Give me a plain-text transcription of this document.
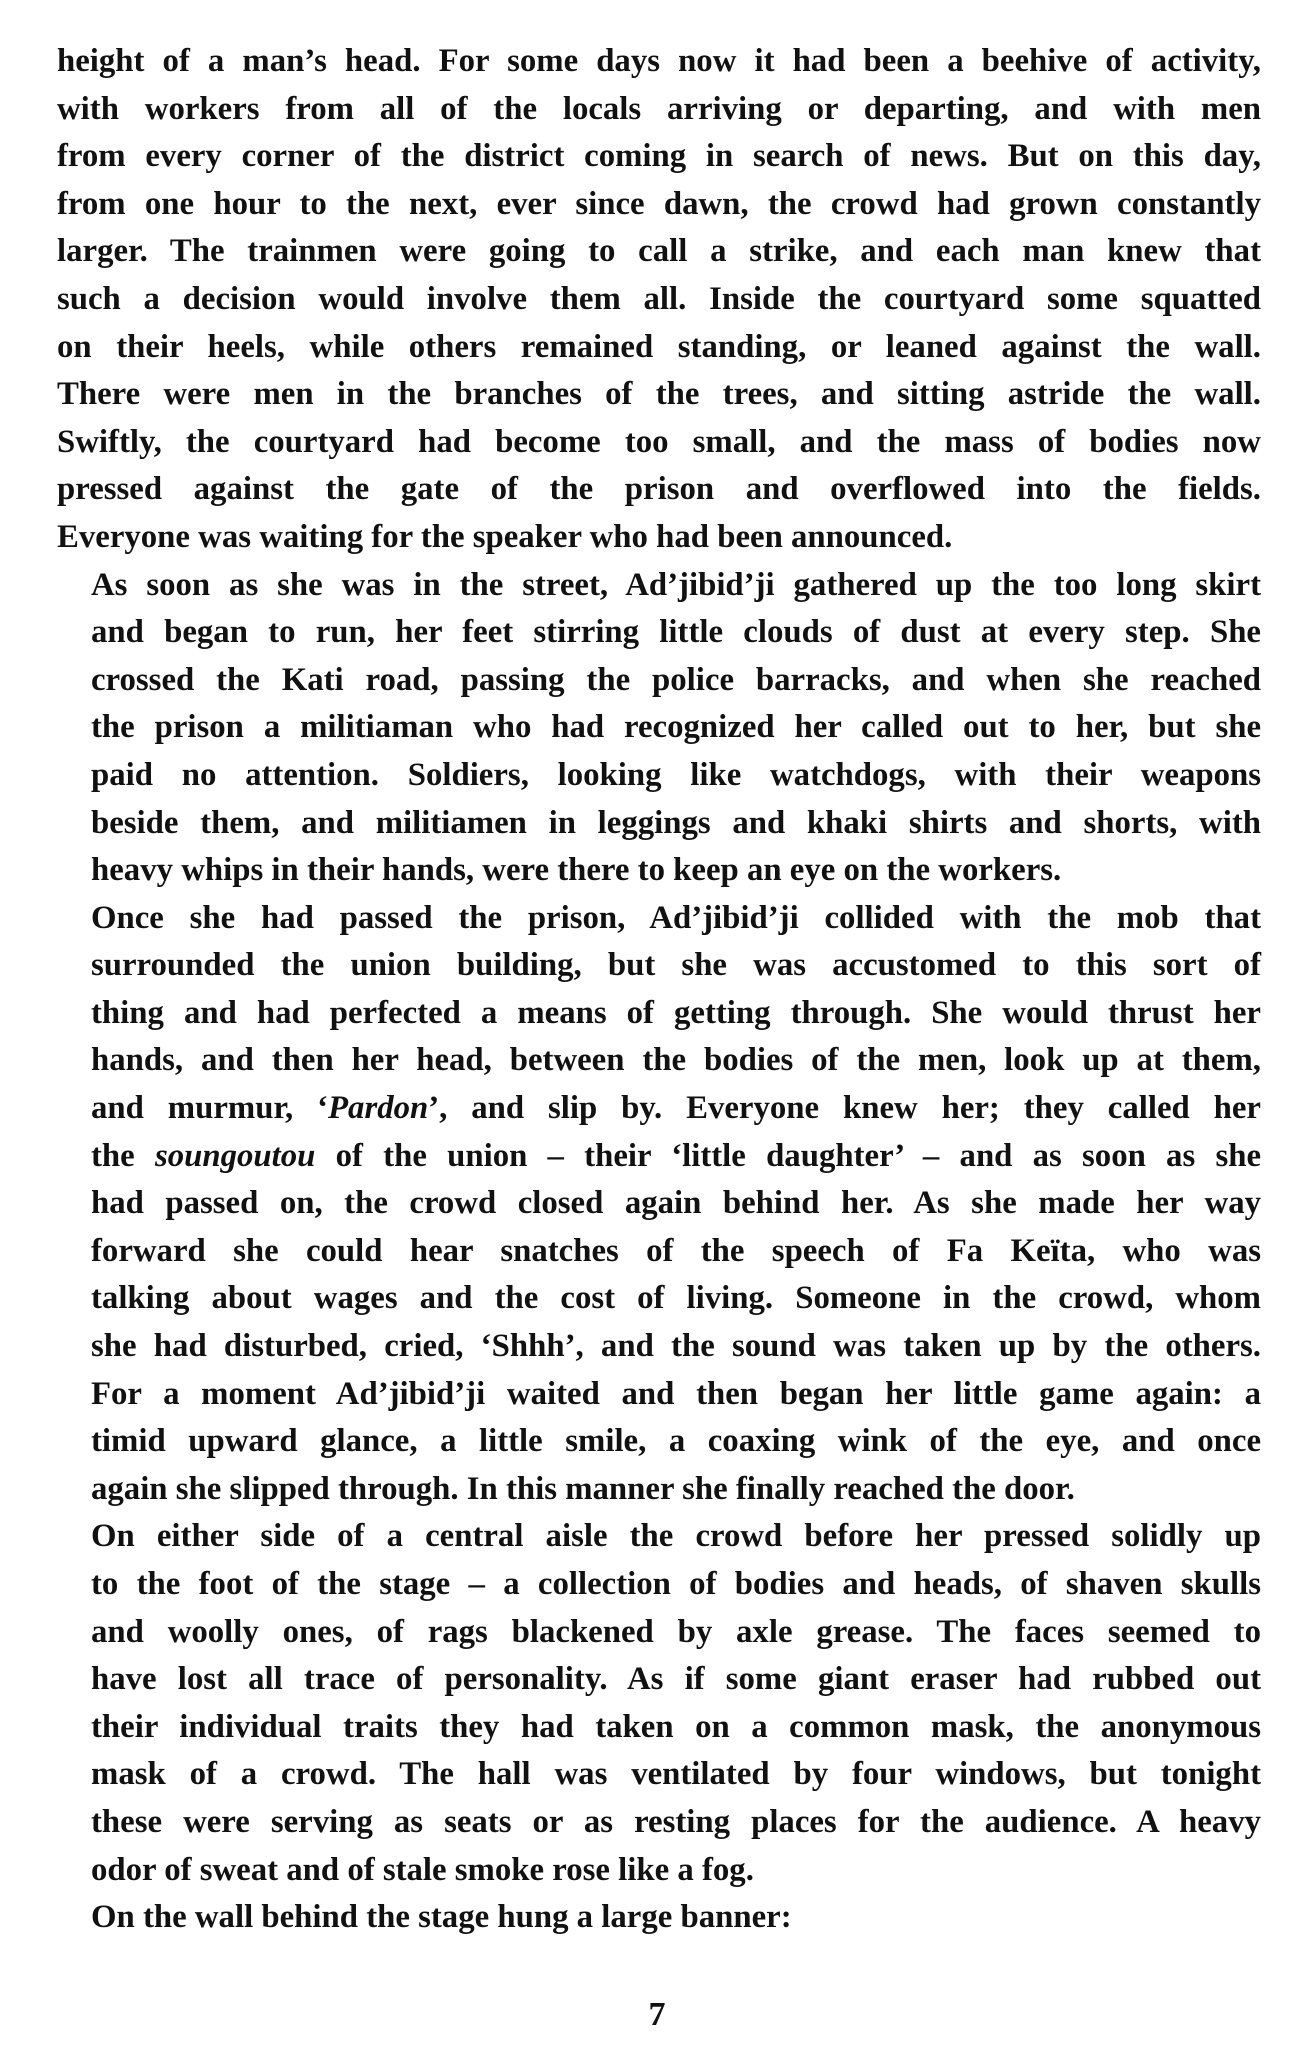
height of a man’s head. For some days now it had been a beehive of activity,
with workers from all of the locals arriving or departing, and with men
from every corner of the district coming in search of news. But on this day,
from one hour to the next, ever since dawn, the crowd had grown constantly
larger. The trainmen were going to call a strike, and each man knew that
such a decision would involve them all. Inside the courtyard some squatted
on their heels, while others remained standing, or leaned against the wall.
There were men in the branches of the trees, and sitting astride the wall.
Swiftly, the courtyard had become too small, and the mass of bodies now
pressed against the gate of the prison and overflowed into the fields.
Everyone was waiting for the speaker who had been announced.
As soon as she was in the street, Ad’jibid’ji gathered up the too long skirt
and began to run, her feet stirring little clouds of dust at every step. She
crossed the Kati road, passing the police barracks, and when she reached
the prison a militiaman who had recognized her called out to her, but she
paid no attention. Soldiers, looking like watchdogs, with their weapons
beside them, and militiamen in leggings and khaki shirts and shorts, with
heavy whips in their hands, were there to keep an eye on the workers.
Once she had passed the prison, Ad’jibid’ji collided with the mob that
surrounded the union building, but she was accustomed to this sort of
thing and had perfected a means of getting through. She would thrust her
hands, and then her head, between the bodies of the men, look up at them,
and murmur, ‘Pardon’, and slip by. Everyone knew her; they called her
the soungoutou of the union – their ‘little daughter’ – and as soon as she
had passed on, the crowd closed again behind her. As she made her way
forward she could hear snatches of the speech of Fa Keïta, who was
talking about wages and the cost of living. Someone in the crowd, whom
she had disturbed, cried, ‘Shhh’, and the sound was taken up by the others.
For a moment Ad’jibid’ji waited and then began her little game again: a
timid upward glance, a little smile, a coaxing wink of the eye, and once
again she slipped through. In this manner she finally reached the door.
On either side of a central aisle the crowd before her pressed solidly up
to the foot of the stage – a collection of bodies and heads, of shaven skulls
and woolly ones, of rags blackened by axle grease. The faces seemed to
have lost all trace of personality. As if some giant eraser had rubbed out
their individual traits they had taken on a common mask, the anonymous
mask of a crowd. The hall was ventilated by four windows, but tonight
these were serving as seats or as resting places for the audience. A heavy
odor of sweat and of stale smoke rose like a fog.
On the wall behind the stage hung a large banner:
7
